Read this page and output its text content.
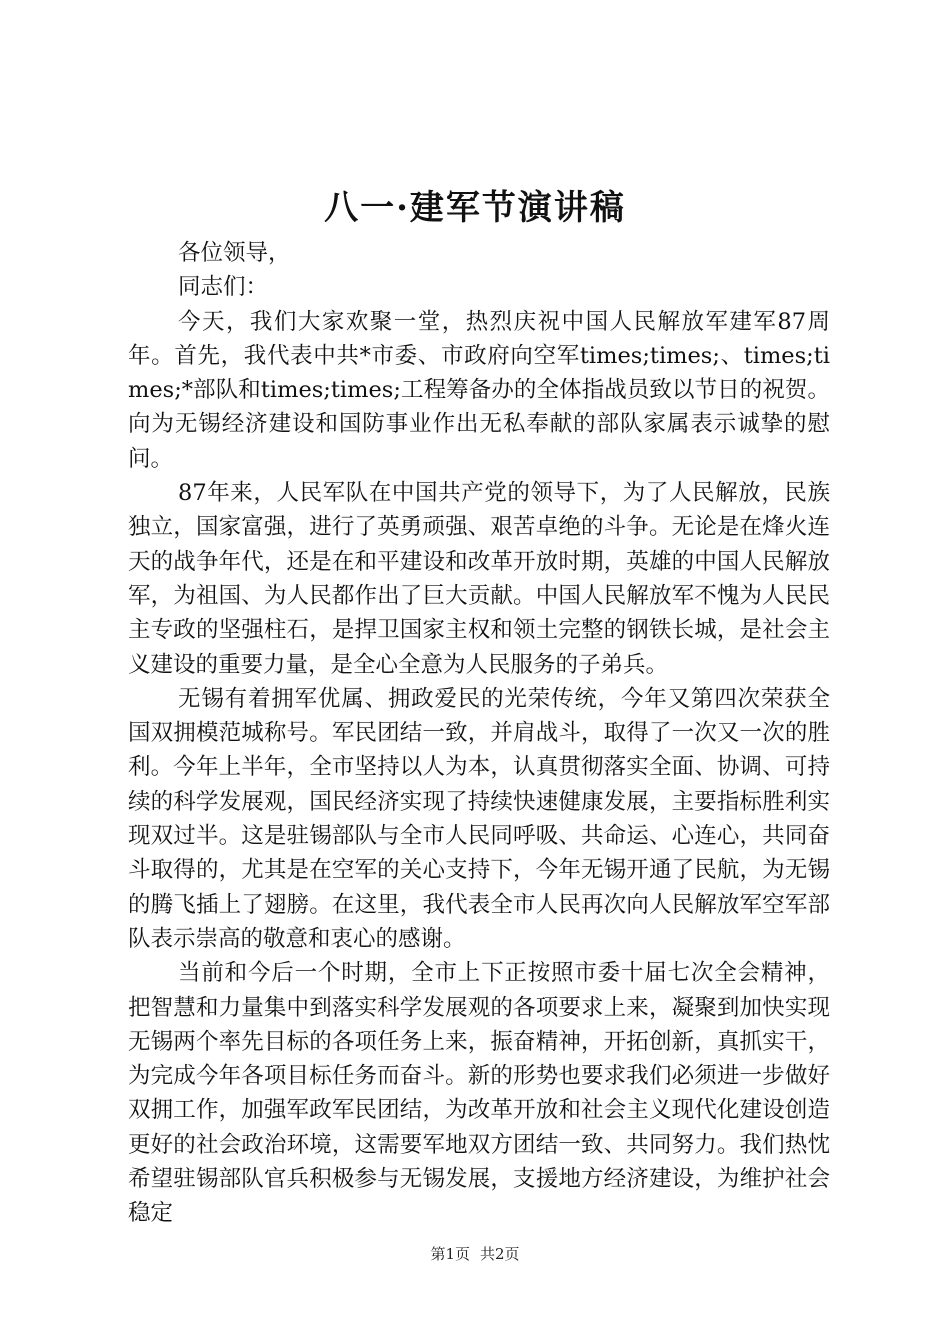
八一·建军节演讲稿

各位领导，

同志们：

今天，我们大家欢聚一堂，热烈庆祝中国人民解放军建军87周年。首先，我代表中共*市委、市政府向空军times;times;、times;times;*部队和times;times;工程筹备办的全体指战员致以节日的祝贺。向为无锡经济建设和国防事业作出无私奉献的部队家属表示诚挚的慰问。

87年来，人民军队在中国共产党的领导下，为了人民解放，民族独立，国家富强，进行了英勇顽强、艰苦卓绝的斗争。无论是在烽火连天的战争年代，还是在和平建设和改革开放时期，英雄的中国人民解放军，为祖国、为人民都作出了巨大贡献。中国人民解放军不愧为人民民主专政的坚强柱石，是捍卫国家主权和领土完整的钢铁长城，是社会主义建设的重要力量，是全心全意为人民服务的子弟兵。

无锡有着拥军优属、拥政爱民的光荣传统，今年又第四次荣获全国双拥模范城称号。军民团结一致，并肩战斗，取得了一次又一次的胜利。今年上半年，全市坚持以人为本，认真贯彻落实全面、协调、可持续的科学发展观，国民经济实现了持续快速健康发展，主要指标胜利实现双过半。这是驻锡部队与全市人民同呼吸、共命运、心连心，共同奋斗取得的，尤其是在空军的关心支持下，今年无锡开通了民航，为无锡的腾飞插上了翅膀。在这里，我代表全市人民再次向人民解放军空军部队表示崇高的敬意和衷心的感谢。

当前和今后一个时期，全市上下正按照市委十届七次全会精神，把智慧和力量集中到落实科学发展观的各项要求上来，凝聚到加快实现无锡两个率先目标的各项任务上来，振奋精神，开拓创新，真抓实干，为完成今年各项目标任务而奋斗。新的形势也要求我们必须进一步做好双拥工作，加强军政军民团结，为改革开放和社会主义现代化建设创造更好的社会政治环境，这需要军地双方团结一致、共同努力。我们热忱希望驻锡部队官兵积极参与无锡发展，支援地方经济建设，为维护社会稳定

第1页 共2页
